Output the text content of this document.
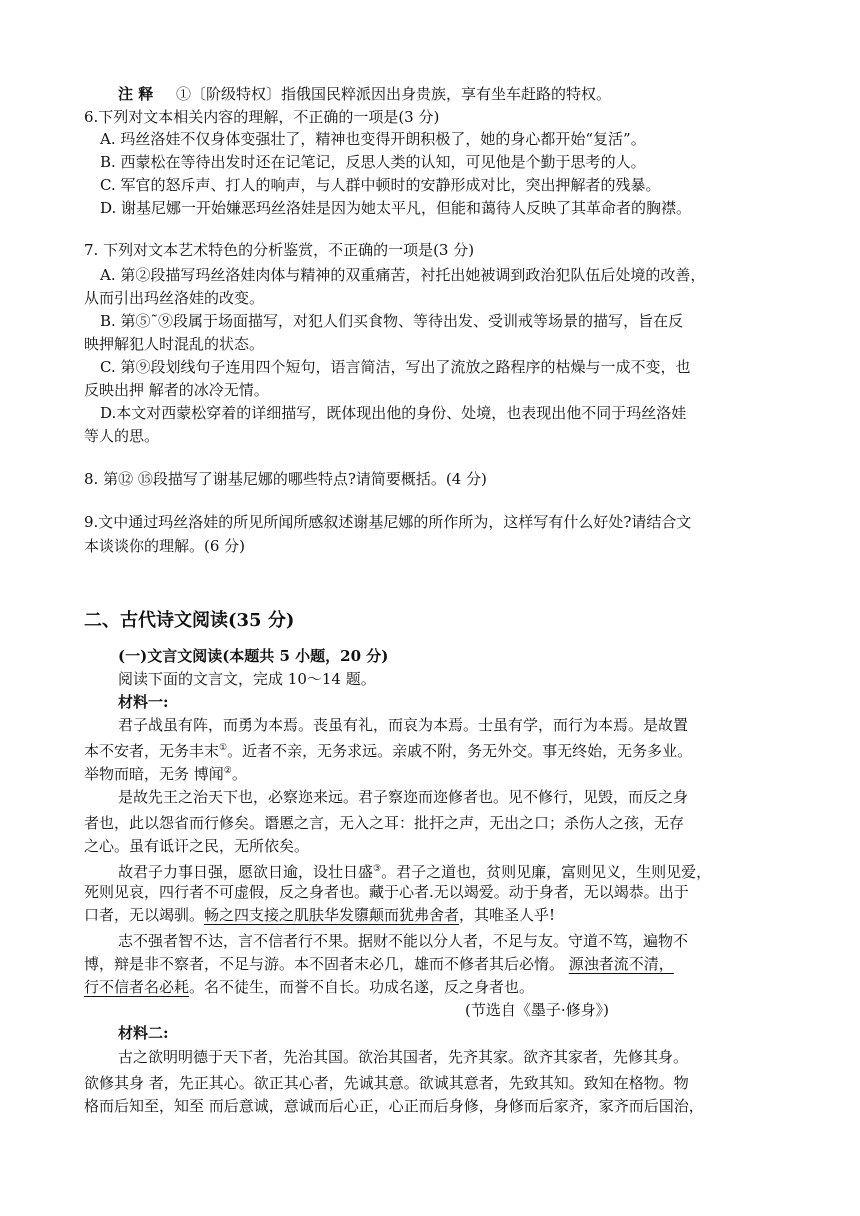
注 释 ①〔阶级特权〕指俄国民粹派因出身贵族，享有坐车赶路的特权。
6.下列对文本相关内容的理解，不正确的一项是(3 分)
A. 玛丝洛娃不仅身体变强壮了，精神也变得开朗积极了，她的身心都开始“复活”。
B. 西蒙松在等待出发时还在记笔记，反思人类的认知，可见他是个勤于思考的人。
C. 军官的怒斥声、打人的响声，与人群中顿时的安静形成对比，突出押解者的残暴。
D. 谢基尼娜一开始嫌恶玛丝洛娃是因为她太平凡，但能和蔼待人反映了其革命者的胸襟。
7. 下列对文本艺术特色的分析鉴赏，不正确的一项是(3 分)
A. 第②段描写玛丝洛娃肉体与精神的双重痛苦，衬托出她被调到政治犯队伍后处境的改善，
从而引出玛丝洛娃的改变。
B. 第⑤˜⑨段属于场面描写，对犯人们买食物、等待出发、受训戒等场景的描写，旨在反
映押解犯人时混乱的状态。
C. 第⑨段划线句子连用四个短句，语言简洁，写出了流放之路程序的枯燥与一成不变，也
反映出押 解者的冰冷无情。
D.本文对西蒙松穿着的详细描写，既体现出他的身份、处境，也表现出他不同于玛丝洛娃
等人的思。
8. 第⑫ ⑮段描写了谢基尼娜的哪些特点?请简要概括。(4 分)
9.文中通过玛丝洛娃的所见所闻所感叙述谢基尼娜的所作所为，这样写有什么好处?请结合文
本谈谈你的理解。(6 分)
二、古代诗文阅读(35 分)
(一)文言文阅读(本题共 5 小题，20 分)
阅读下面的文言文，完成 10～14 题。
材料一:
君子战虽有阵，而勇为本焉。丧虽有礼，而哀为本焉。士虽有学，而行为本焉。是故置
本不安者，无务丰末①。近者不亲，无务求远。亲戚不附，务无外交。事无终始，无务多业。
举物而暗，无务 博闻②。
是故先王之治天下也，必察迩来远。君子察迩而迩修者也。见不修行，见毁，而反之身
者也，此以怨省而行修矣。谮慝之言，无入之耳：批扞之声，无出之口；杀伤人之孩，无存
之心。虽有诋讦之民，无所依矣。
故君子力事日强，愿欲日逾，设壮日盛③。君子之道也，贫则见廉，富则见义，生则见爱，
死则见哀，四行者不可虚假，反之身者也。藏于心者.无以竭爱。动于身者，无以竭恭。出于
口者，无以竭驯。畅之四支接之肌肤华发隳颠而犹弗舍者，其唯圣人乎!
志不强者智不达，言不信者行不果。据财不能以分人者，不足与友。守道不笃，遍物不
博，辩是非不察者，不足与游。本不固者末必几，雄而不修者其后必惰。 源浊者流不清，
行不信者名必耗。名不徒生，而誉不自长。功成名遂，反之身者也。
(节选自《墨子·修身》)
材料二:
古之欲明明德于天下者，先治其国。欲治其国者，先齐其家。欲齐其家者，先修其身。
欲修其身 者，先正其心。欲正其心者，先诚其意。欲诚其意者，先致其知。致知在格物。物
格而后知至，知至 而后意诚，意诚而后心正，心正而后身修，身修而后家齐，家齐而后国治，
